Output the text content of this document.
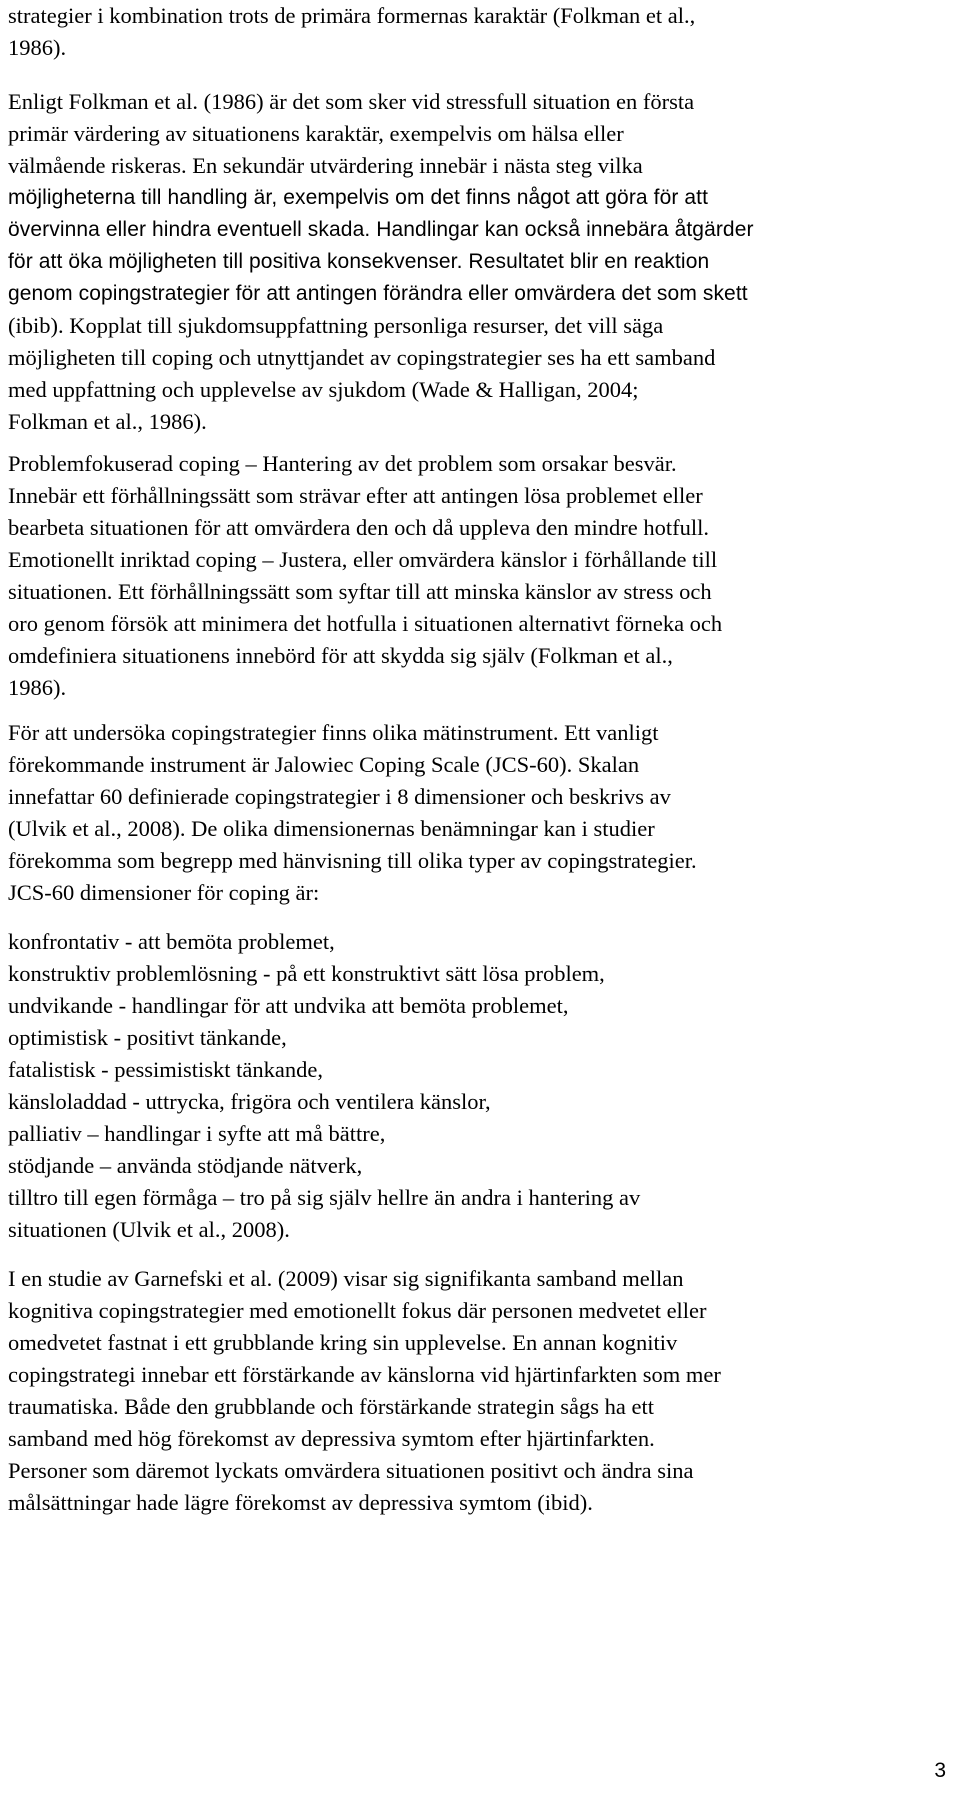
strategier i kombination trots de primära formernas karaktär (Folkman et al.,
1986).
Enligt Folkman et al. (1986) är det som sker vid stressfull situation en första
primär värdering av situationens karaktär, exempelvis om hälsa eller
välmående riskeras. En sekundär utvärdering innebär i nästa steg vilka
möjligheterna till handling är, exempelvis om det finns något att göra för att
övervinna eller hindra eventuell skada. Handlingar kan också innebära åtgärder
för att öka möjligheten till positiva konsekvenser. Resultatet blir en reaktion
genom copingstrategier för att antingen förändra eller omvärdera det som skett
(ibib). Kopplat till sjukdomsuppfattning personliga resurser, det vill säga
möjligheten till coping och utnyttjandet av copingstrategier ses ha ett samband
med uppfattning och upplevelse av sjukdom (Wade & Halligan, 2004;
Folkman et al., 1986).
Problemfokuserad coping – Hantering av det problem som orsakar besvär.
Innebär ett förhållningssätt som strävar efter att antingen lösa problemet eller
bearbeta situationen för att omvärdera den och då uppleva den mindre hotfull.
Emotionellt inriktad coping – Justera, eller omvärdera känslor i förhållande till
situationen. Ett förhållningssätt som syftar till att minska känslor av stress och
oro genom försök att minimera det hotfulla i situationen alternativt förneka och
omdefiniera situationens innebörd för att skydda sig själv (Folkman et al.,
1986).
För att undersöka copingstrategier finns olika mätinstrument. Ett vanligt
förekommande instrument är Jalowiec Coping Scale (JCS-60). Skalan
innefattar 60 definierade copingstrategier i 8 dimensioner och beskrivs av
(Ulvik et al., 2008). De olika dimensionernas benämningar kan i studier
förekomma som begrepp med hänvisning till olika typer av copingstrategier.
JCS-60 dimensioner för coping är:
konfrontativ - att bemöta problemet,
konstruktiv problemlösning - på ett konstruktivt sätt lösa problem,
undvikande - handlingar för att undvika att bemöta problemet,
optimistisk - positivt tänkande,
fatalistisk - pessimistiskt tänkande,
känsloladdad - uttrycka, frigöra och ventilera känslor,
palliativ – handlingar i syfte att må bättre,
stödjande – använda stödjande nätverk,
tilltro till egen förmåga – tro på sig själv hellre än andra i hantering av
situationen (Ulvik et al., 2008).
I en studie av Garnefski et al. (2009) visar sig signifikanta samband mellan
kognitiva copingstrategier med emotionellt fokus där personen medvetet eller
omedvetet fastnat i ett grubblande kring sin upplevelse. En annan kognitiv
copingstrategi innebar ett förstärkande av känslorna vid hjärtinfarkten som mer
traumatiska. Både den grubblande och förstärkande strategin sågs ha ett
samband med hög förekomst av depressiva symtom efter hjärtinfarkten.
Personer som däremot lyckats omvärdera situationen positivt och ändra sina
målsättningar hade lägre förekomst av depressiva symtom (ibid).
3
